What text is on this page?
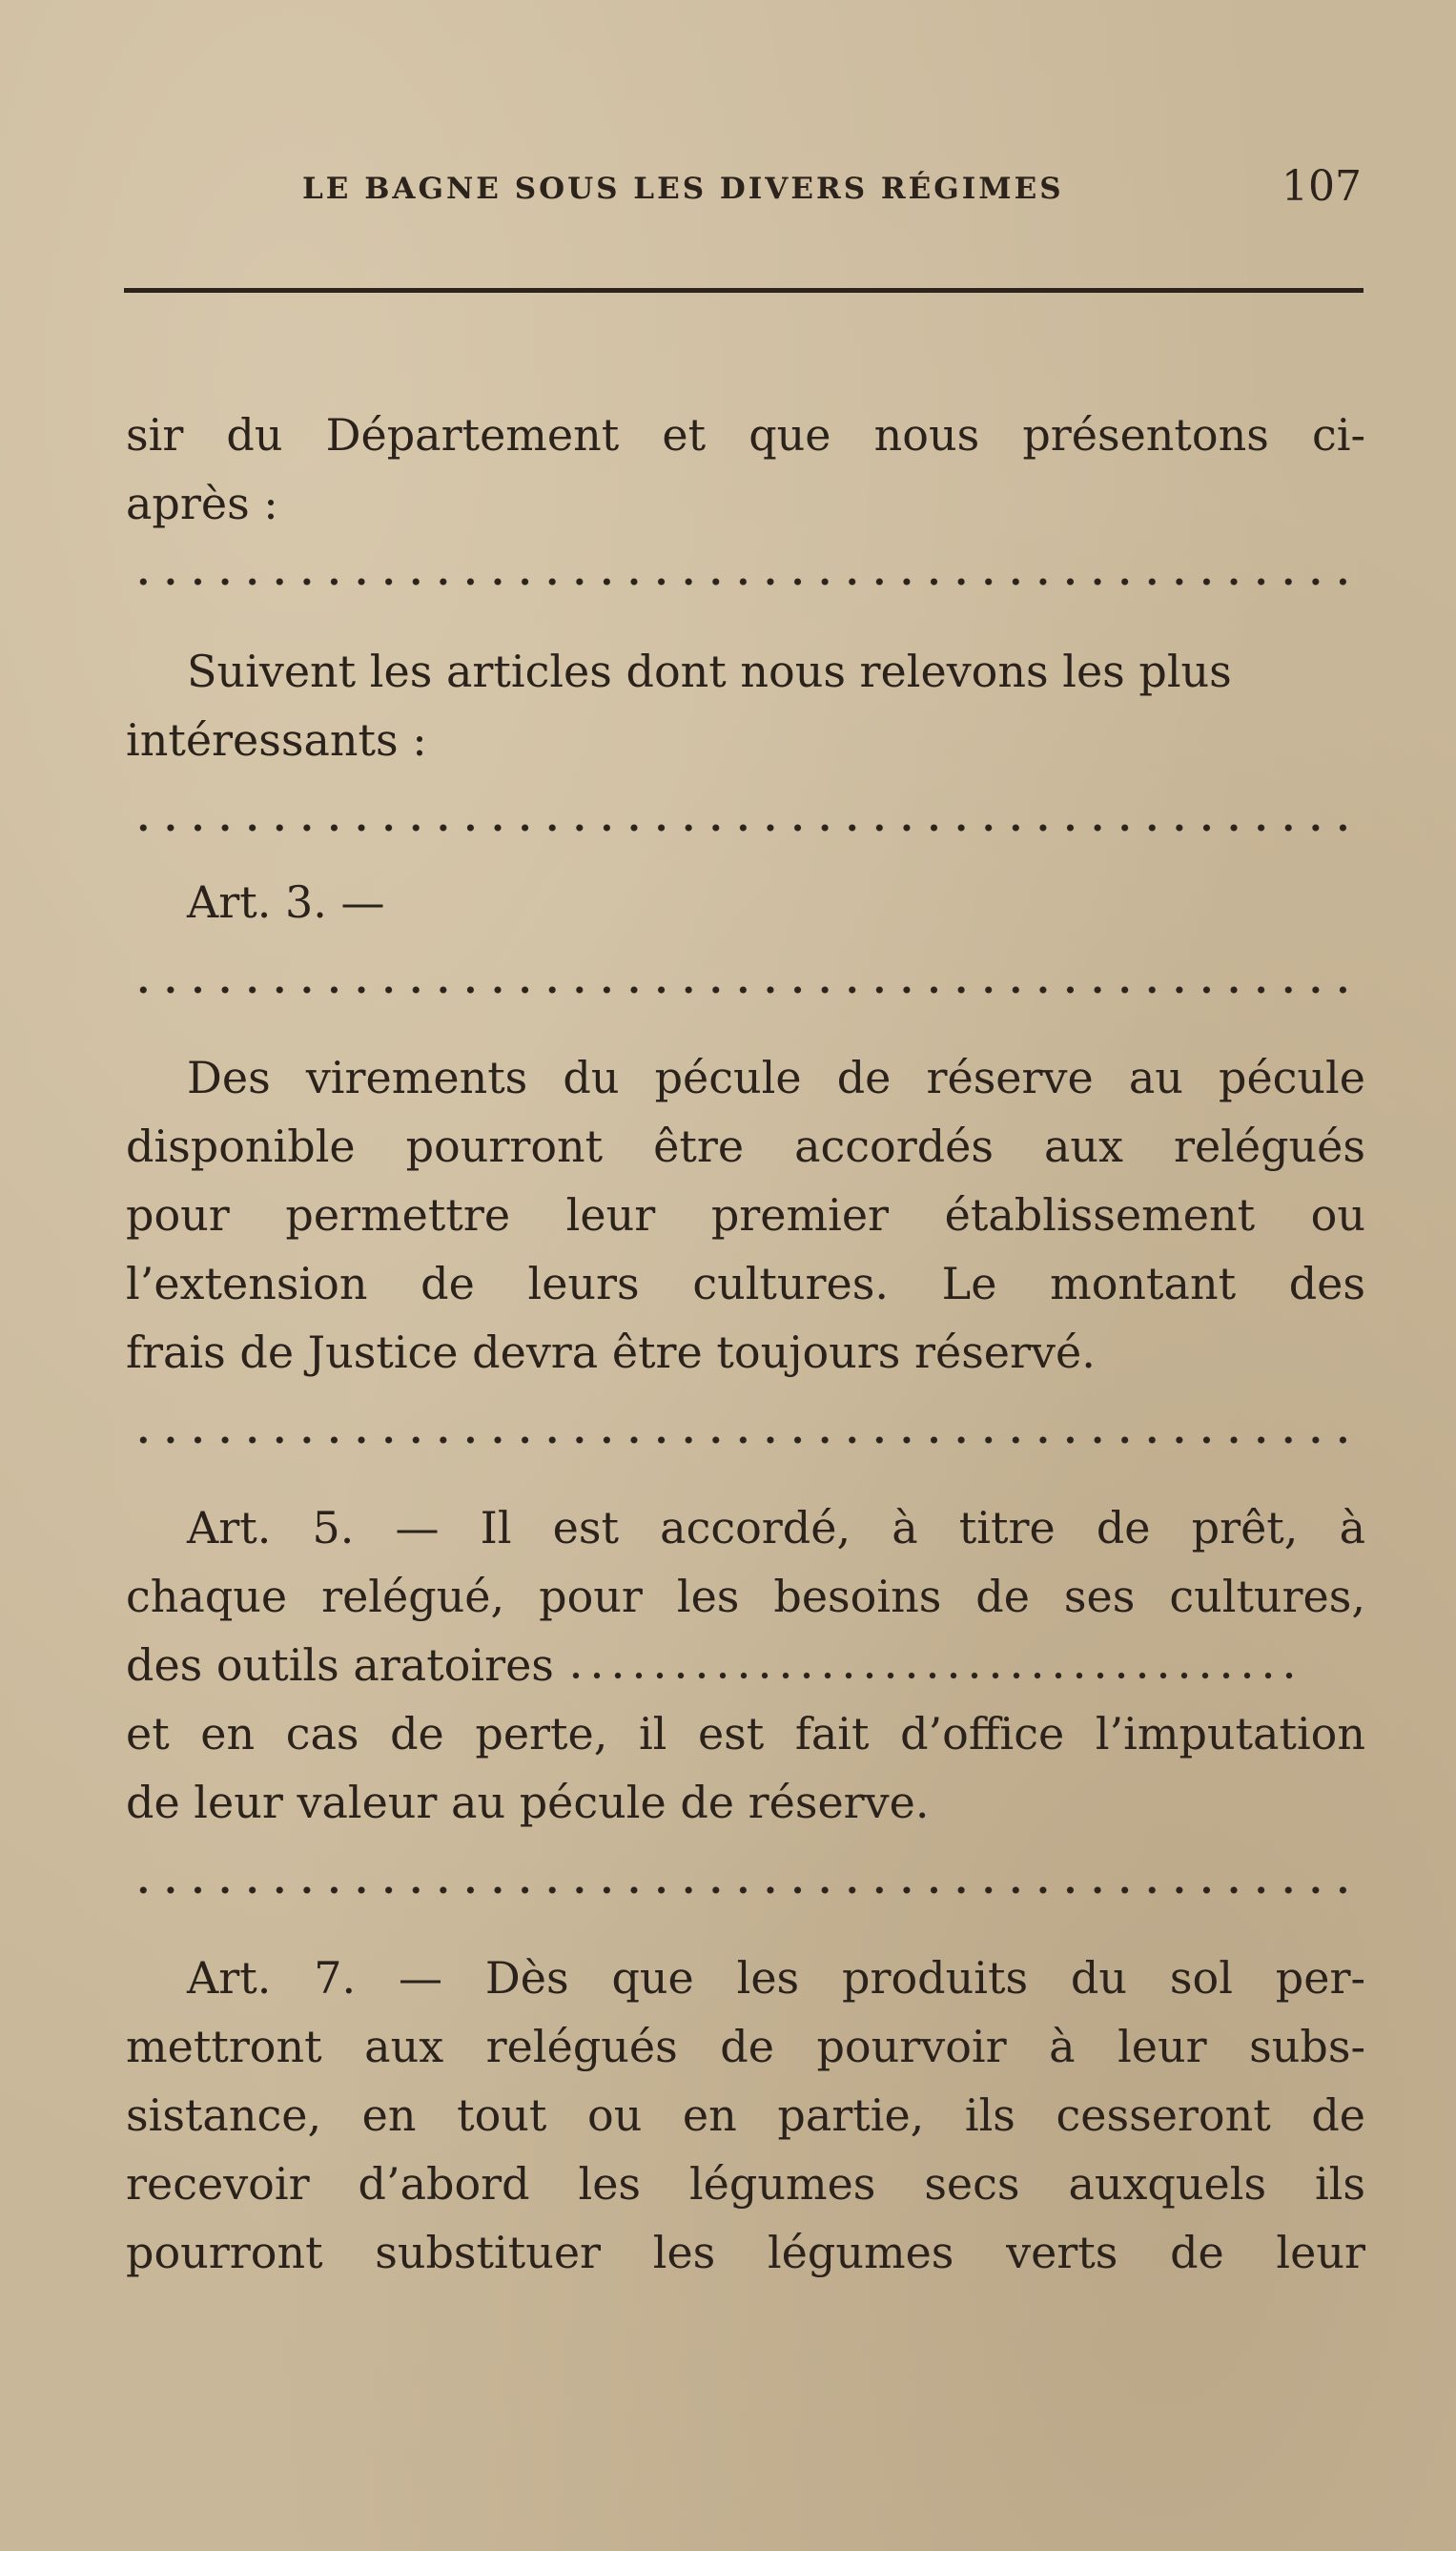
LE BAGNE SOUS LES DIVERS RÉGIMES	107
sir du Département et que nous présentons ci-
après :
Suivent les articles dont nous relevons les plus
intéressants :
Art. 3. —
Des virements du pécule de réserve au pécule
disponible pourront être accordés aux relégués
pour permettre leur premier établissement ou
l’extension de leurs cultures. Le montant des
frais de Justice devra être toujours réservé.
Art. 5. — Il est accordé, à titre de prêt, à
chaque relégué, pour les besoins de ses cultures,
des outils aratoires
et en cas de perte, il est fait d’office l’imputation
de leur valeur au pécule de réserve.
Art. 7. — Dès que les produits du sol per-
mettront aux relégués de pourvoir à leur subs-
sistance, en tout ou en partie, ils cesseront de
recevoir d’abord les légumes secs auxquels ils
pourront substituer les légumes verts de leur
